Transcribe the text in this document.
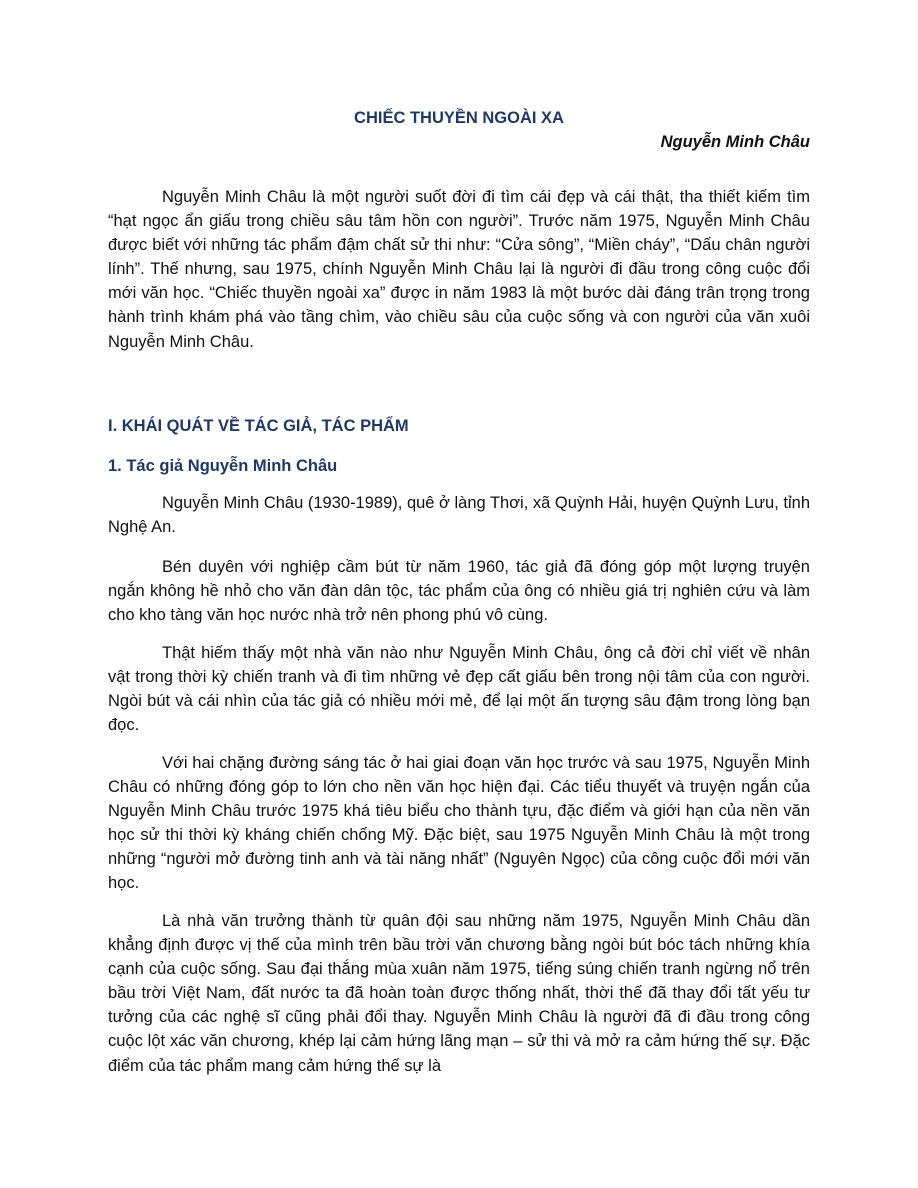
CHIẾC THUYỀN NGOÀI XA
Nguyễn Minh Châu

Nguyễn Minh Châu là một người suốt đời đi tìm cái đẹp và cái thật, tha thiết kiếm tìm “hạt ngọc ẩn giấu trong chiều sâu tâm hồn con người”. Trước năm 1975, Nguyễn Minh Châu được biết với những tác phẩm đậm chất sử thi như: “Cửa sông”, “Miền cháy”, “Dấu chân người lính”. Thế nhưng, sau 1975, chính Nguyễn Minh Châu lại là người đi đầu trong công cuộc đổi mới văn học. “Chiếc thuyền ngoài xa” được in năm 1983 là một bước dài đáng trân trọng trong hành trình khám phá vào tầng chìm, vào chiều sâu của cuộc sống và con người của văn xuôi Nguyễn Minh Châu.

I. KHÁI QUÁT VỀ TÁC GIẢ, TÁC PHẨM
1. Tác giả Nguyễn Minh Châu

Nguyễn Minh Châu (1930-1989), quê ở làng Thơi, xã Quỳnh Hải, huyện Quỳnh Lưu, tỉnh Nghệ An.

Bén duyên với nghiệp cầm bút từ năm 1960, tác giả đã đóng góp một lượng truyện ngắn không hề nhỏ cho văn đàn dân tộc, tác phẩm của ông có nhiều giá trị nghiên cứu và làm cho kho tàng văn học nước nhà trở nên phong phú vô cùng.

Thật hiếm thấy một nhà văn nào như Nguyễn Minh Châu, ông cả đời chỉ viết về nhân vật trong thời kỳ chiến tranh và đi tìm những vẻ đẹp cất giấu bên trong nội tâm của con người. Ngòi bút và cái nhìn của tác giả có nhiều mới mẻ, để lại một ấn tượng sâu đậm trong lòng bạn đọc.

Với hai chặng đường sáng tác ở hai giai đoạn văn học trước và sau 1975, Nguyễn Minh Châu có những đóng góp to lớn cho nền văn học hiện đại. Các tiểu thuyết và truyện ngắn của Nguyễn Minh Châu trước 1975 khá tiêu biểu cho thành tựu, đặc điểm và giới hạn của nền văn học sử thi thời kỳ kháng chiến chống Mỹ. Đặc biệt, sau 1975 Nguyễn Minh Châu là một trong những “người mở đường tinh anh và tài năng nhất” (Nguyên Ngọc) của công cuộc đổi mới văn học.

Là nhà văn trưởng thành từ quân đội sau những năm 1975, Nguyễn Minh Châu dần khẳng định được vị thế của mình trên bầu trời văn chương bằng ngòi bút bóc tách những khía cạnh của cuộc sống. Sau đại thắng mùa xuân năm 1975, tiếng súng chiến tranh ngừng nổ trên bầu trời Việt Nam, đất nước ta đã hoàn toàn được thống nhất, thời thế đã thay đổi tất yếu tư tưởng của các nghệ sĩ cũng phải đổi thay. Nguyễn Minh Châu là người đã đi đầu trong công cuộc lột xác văn chương, khép lại cảm hứng lãng mạn – sử thi và mở ra cảm hứng thế sự. Đặc điểm của tác phẩm mang cảm hứng thế sự là
